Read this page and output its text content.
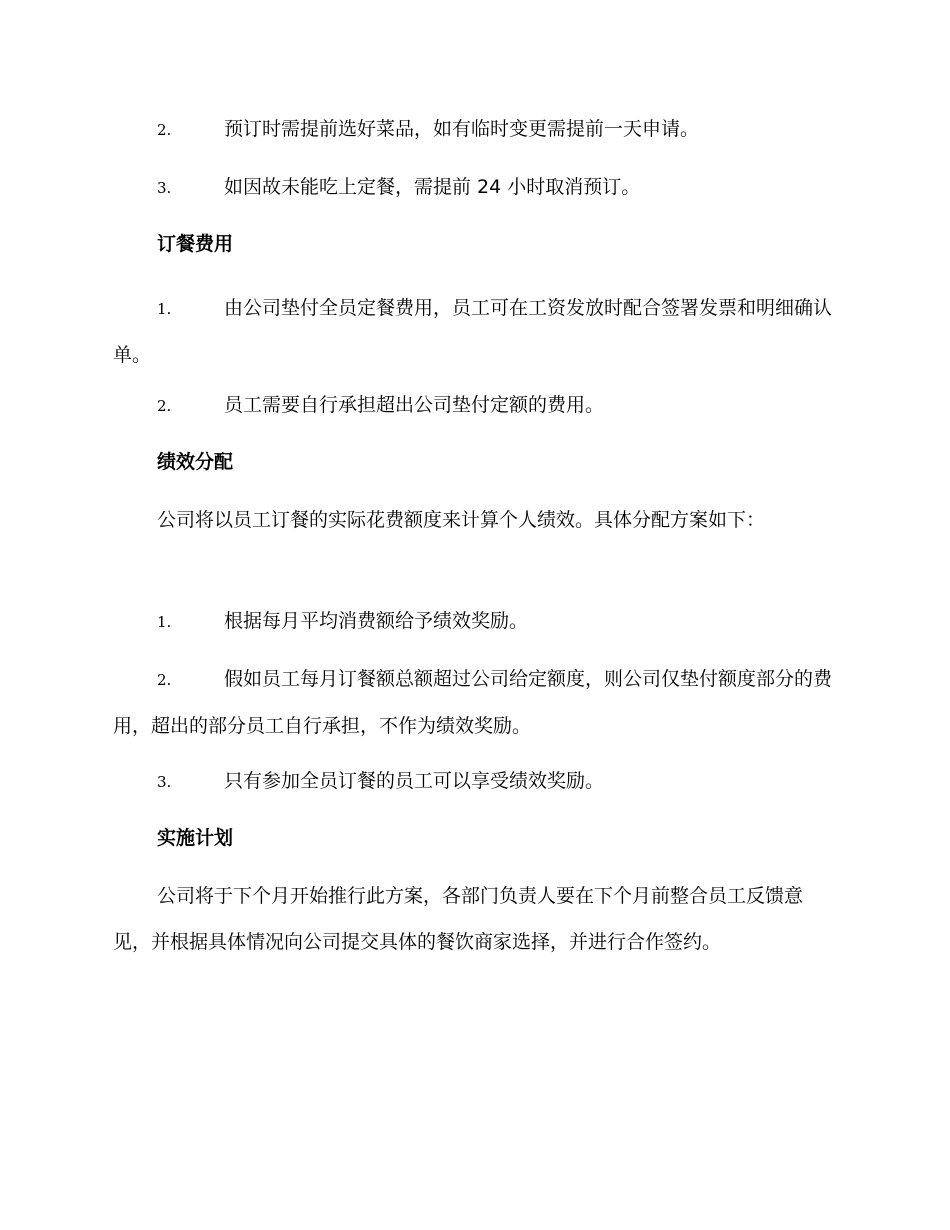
2.	预订时需提前选好菜品，如有临时变更需提前一天申请。
3.	如因故未能吃上定餐，需提前 24 小时取消预订。
订餐费用
1.	由公司垫付全员定餐费用，员工可在工资发放时配合签署发票和明细确认单。
2.	员工需要自行承担超出公司垫付定额的费用。
绩效分配
公司将以员工订餐的实际花费额度来计算个人绩效。具体分配方案如下：
1.	根据每月平均消费额给予绩效奖励。
2.	假如员工每月订餐额总额超过公司给定额度，则公司仅垫付额度部分的费用，超出的部分员工自行承担，不作为绩效奖励。
3.	只有参加全员订餐的员工可以享受绩效奖励。
实施计划
公司将于下个月开始推行此方案，各部门负责人要在下个月前整合员工反馈意见，并根据具体情况向公司提交具体的餐饮商家选择，并进行合作签约。
